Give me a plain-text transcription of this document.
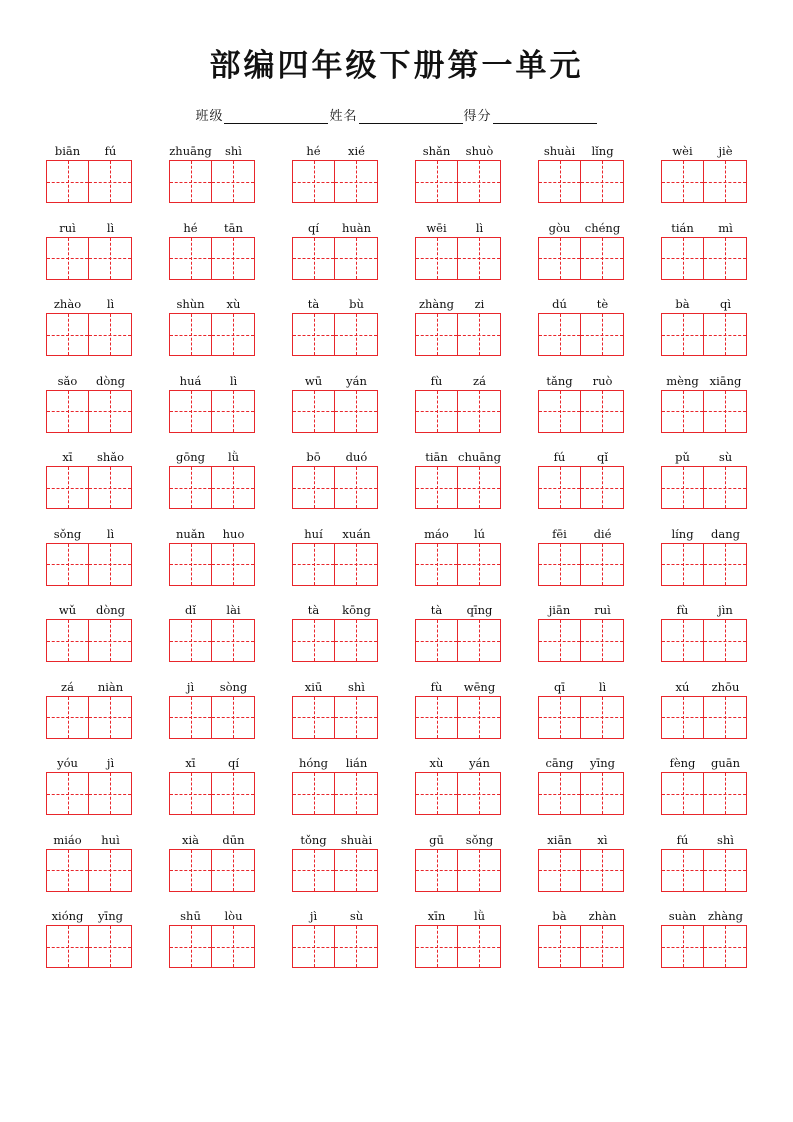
部编四年级下册第一单元
班级	姓名	得分
biān	fú	zhuāng	shì	hé	xié	shǎn	shuò	shuài	lǐng	wèi	jiè
ruì	lì	hé	tān	qí	huàn	wēi	lì	gòu	chéng	tián	mì
zhào	lì	shùn	xù	tà	bù	zhàng	zi	dú	tè	bà	qì
sǎo	dòng	huá	lì	wū	yán	fù	zá	tǎng	ruò	mèng xiāng
xī	shǎo	gōng	lǜ	bō	duó	tiān chuāng	fú	qǐ	pǔ	sù
sǒng	lì	nuǎn	huo	huí	xuán	máo	lú	fēi	dié	líng	dang
wǔ	dòng	dǐ	lài	tà	kōng	tà	qīng	jiān	ruì	fù	jìn
zá	niàn	jì	sòng	xiū	shì	fù	wēng	qī	lì	xú	zhōu
yóu	jì	xī	qí	hóng	lián	xù	yán	cāng	yīng	fèng	guān
miáo	huì	xià	dūn	tǒng	shuài	gū	sǒng	xiān	xì	fú	shì
xióng	yīng	shū	lòu	jì	sù	xīn	lǜ	bà	zhàn	suàn	zhàng
